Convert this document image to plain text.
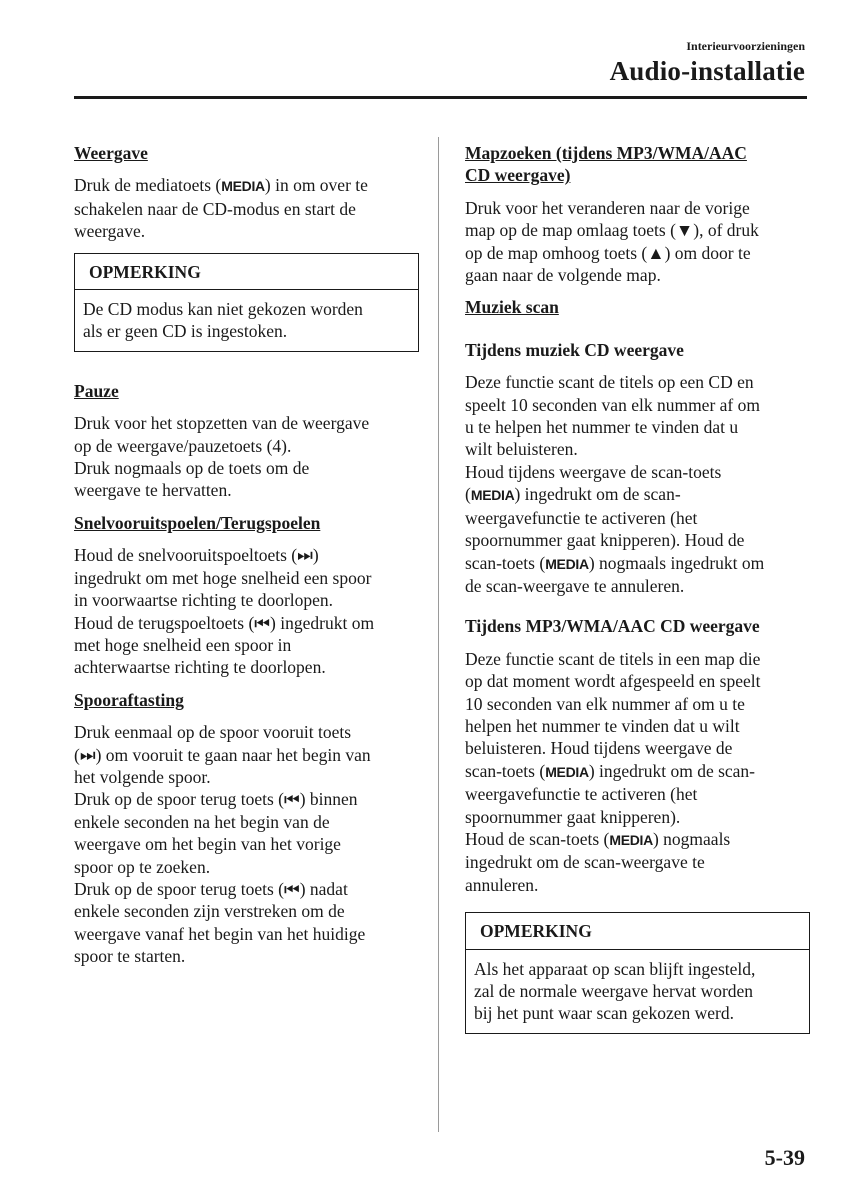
Interieurvoorzieningen
Audio-installatie
Weergave

Druk de mediatoets (MEDIA) in om over te
schakelen naar de CD-modus en start de
weergave.

OPMERKING
De CD modus kan niet gekozen worden
als er geen CD is ingestoken.
Pauze

Druk voor het stopzetten van de weergave
op de weergave/pauzetoets (4).
Druk nogmaals op de toets om de
weergave te hervatten.

Snelvooruitspoelen/Terugspoelen

Houd de snelvooruitspoeltoets (⏭)
ingedrukt om met hoge snelheid een spoor
in voorwaartse richting te doorlopen.
Houd de terugspoeltoets (⏮) ingedrukt om
met hoge snelheid een spoor in
achterwaartse richting te doorlopen.

Spooraftasting

Druk eenmaal op de spoor vooruit toets
(⏭) om vooruit te gaan naar het begin van
het volgende spoor.
Druk op de spoor terug toets (⏮) binnen
enkele seconden na het begin van de
weergave om het begin van het vorige
spoor op te zoeken.
Druk op de spoor terug toets (⏮) nadat
enkele seconden zijn verstreken om de
weergave vanaf het begin van het huidige
spoor te starten.

Mapzoeken (tijdens MP3/WMA/AAC
CD weergave)

Druk voor het veranderen naar de vorige
map op de map omlaag toets (▼), of druk
op de map omhoog toets (▲) om door te
gaan naar de volgende map.

Muziek scan
Tijdens muziek CD weergave

Deze functie scant de titels op een CD en
speelt 10 seconden van elk nummer af om
u te helpen het nummer te vinden dat u
wilt beluisteren.
Houd tijdens weergave de scan-toets
(MEDIA) ingedrukt om de scan-
weergavefunctie te activeren (het
spoornummer gaat knipperen). Houd de
scan-toets (MEDIA) nogmaals ingedrukt om
de scan-weergave te annuleren.

Tijdens MP3/WMA/AAC CD weergave

Deze functie scant de titels in een map die
op dat moment wordt afgespeeld en speelt
10 seconden van elk nummer af om u te
helpen het nummer te vinden dat u wilt
beluisteren. Houd tijdens weergave de
scan-toets (MEDIA) ingedrukt om de scan-
weergavefunctie te activeren (het
spoornummer gaat knipperen).
Houd de scan-toets (MEDIA) nogmaals
ingedrukt om de scan-weergave te
annuleren.

OPMERKING
Als het apparaat op scan blijft ingesteld,
zal de normale weergave hervat worden
bij het punt waar scan gekozen werd.
5-39
